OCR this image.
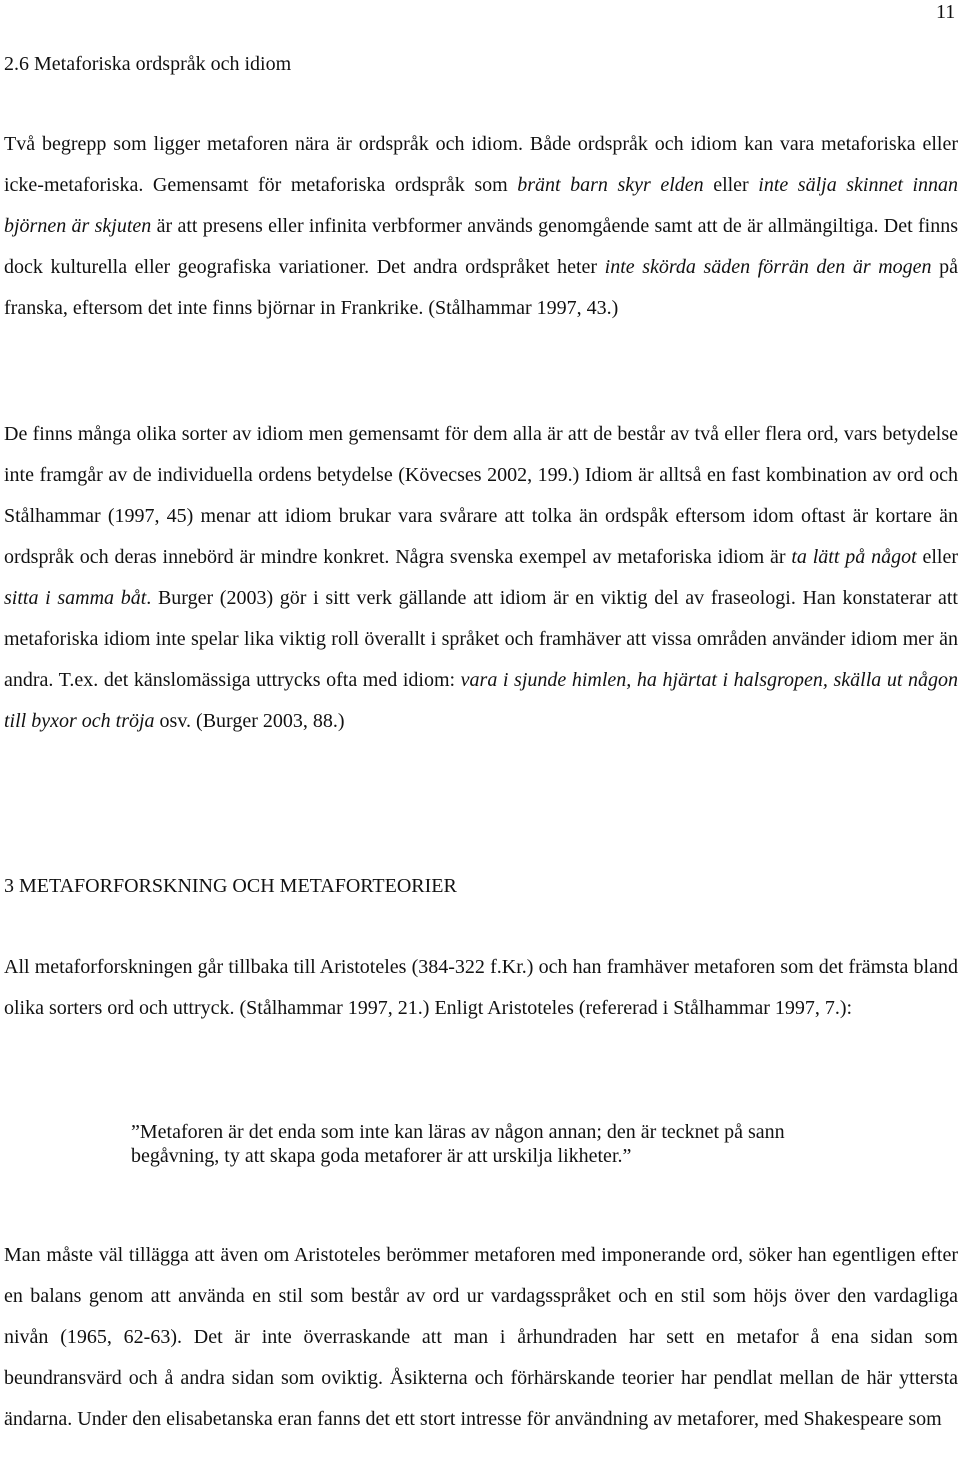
11
2.6 Metaforiska ordspråk och idiom
Två begrepp som ligger metaforen nära är ordspråk och idiom. Både ordspråk och idiom kan vara metaforiska eller icke-metaforiska. Gemensamt för metaforiska ordspråk som bränt barn skyr elden eller inte sälja skinnet innan björnen är skjuten är att presens eller infinita verbformer används genomgående samt att de är allmängiltiga. Det finns dock kulturella eller geografiska variationer. Det andra ordspråket heter inte skörda säden förrän den är mogen på franska, eftersom det inte finns björnar in Frankrike. (Stålhammar 1997, 43.)
De finns många olika sorter av idiom men gemensamt för dem alla är att de består av två eller flera ord, vars betydelse inte framgår av de individuella ordens betydelse (Kövecses 2002, 199.) Idiom är alltså en fast kombination av ord och Stålhammar (1997, 45) menar att idiom brukar vara svårare att tolka än ordspåk eftersom idom oftast är kortare än ordspråk och deras innebörd är mindre konkret. Några svenska exempel av metaforiska idiom är ta lätt på något eller sitta i samma båt. Burger (2003) gör i sitt verk gällande att idiom är en viktig del av fraseologi. Han konstaterar att metaforiska idiom inte spelar lika viktig roll överallt i språket och framhäver att vissa områden använder idiom mer än andra. T.ex. det känslomässiga uttrycks ofta med idiom: vara i sjunde himlen, ha hjärtat i halsgropen, skälla ut någon till byxor och tröja osv. (Burger 2003, 88.)
3 METAFORFORSKNING OCH METAFORTEORIER
All metaforforskningen går tillbaka till Aristoteles (384-322 f.Kr.) och han framhäver metaforen som det främsta bland olika sorters ord och uttryck. (Stålhammar 1997, 21.) Enligt Aristoteles (refererad i Stålhammar 1997, 7.):
”Metaforen är det enda som inte kan läras av någon annan; den är tecknet på sann begåvning, ty att skapa goda metaforer är att urskilja likheter.”
Man måste väl tillägga att även om Aristoteles berömmer metaforen med imponerande ord, söker han egentligen efter en balans genom att använda en stil som består av ord ur vardagsspråket och en stil som höjs över den vardagliga nivån (1965, 62-63). Det är inte överraskande att man i århundraden har sett en metafor å ena sidan som beundransvärd och å andra sidan som oviktig. Åsikterna och förhärskande teorier har pendlat mellan de här yttersta ändarna. Under den elisabetanska eran fanns det ett stort intresse för användning av metaforer, med Shakespeare som
